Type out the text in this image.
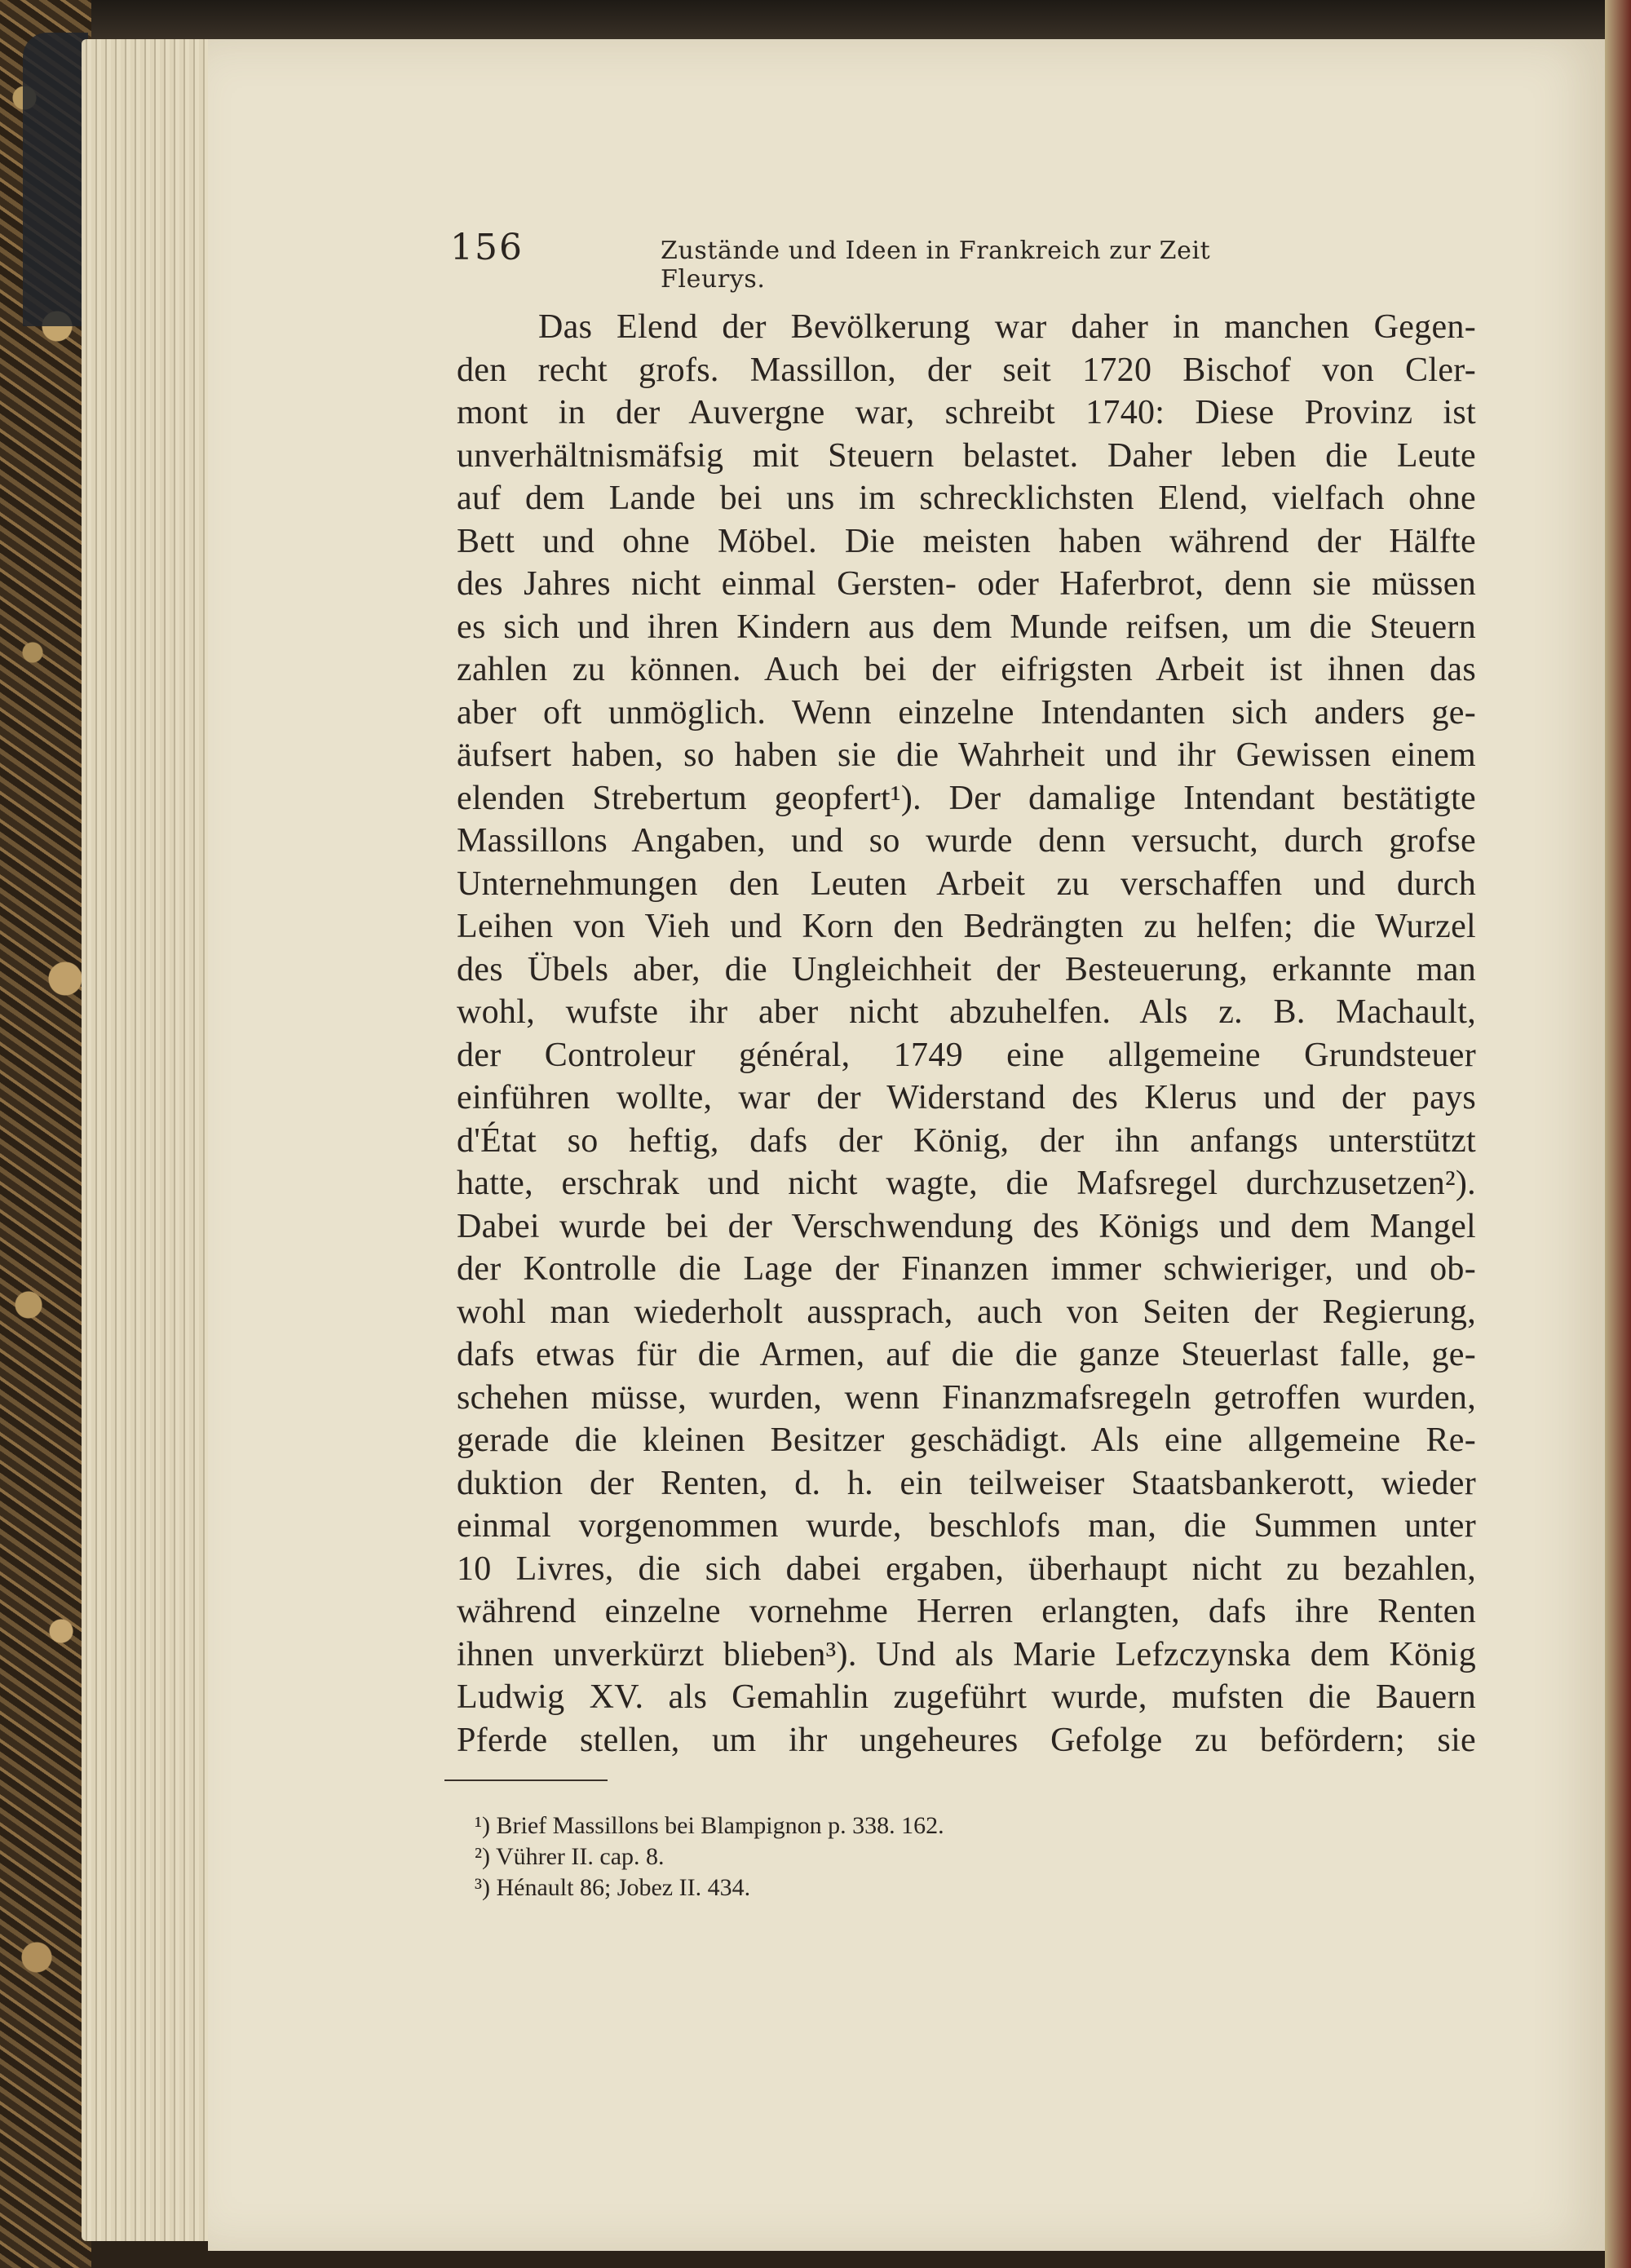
156	Zustände und Ideen in Frankreich zur Zeit Fleurys.
Das Elend der Bevölkerung war daher in manchen Gegen-
den recht grofs. Massillon, der seit 1720 Bischof von Cler-
mont in der Auvergne war, schreibt 1740: Diese Provinz ist
unverhältnismäfsig mit Steuern belastet. Daher leben die Leute
auf dem Lande bei uns im schrecklichsten Elend, vielfach ohne
Bett und ohne Möbel. Die meisten haben während der Hälfte
des Jahres nicht einmal Gersten- oder Haferbrot, denn sie müssen
es sich und ihren Kindern aus dem Munde reifsen, um die Steuern
zahlen zu können. Auch bei der eifrigsten Arbeit ist ihnen das
aber oft unmöglich. Wenn einzelne Intendanten sich anders ge-
äufsert haben, so haben sie die Wahrheit und ihr Gewissen einem
elenden Strebertum geopfert¹). Der damalige Intendant bestätigte
Massillons Angaben, und so wurde denn versucht, durch grofse
Unternehmungen den Leuten Arbeit zu verschaffen und durch
Leihen von Vieh und Korn den Bedrängten zu helfen; die Wurzel
des Übels aber, die Ungleichheit der Besteuerung, erkannte man
wohl, wufste ihr aber nicht abzuhelfen. Als z. B. Machault,
der Controleur général, 1749 eine allgemeine Grundsteuer
einführen wollte, war der Widerstand des Klerus und der pays
d'État so heftig, dafs der König, der ihn anfangs unterstützt
hatte, erschrak und nicht wagte, die Mafsregel durchzusetzen²).
Dabei wurde bei der Verschwendung des Königs und dem Mangel
der Kontrolle die Lage der Finanzen immer schwieriger, und ob-
wohl man wiederholt aussprach, auch von Seiten der Regierung,
dafs etwas für die Armen, auf die die ganze Steuerlast falle, ge-
schehen müsse, wurden, wenn Finanzmafsregeln getroffen wurden,
gerade die kleinen Besitzer geschädigt. Als eine allgemeine Re-
duktion der Renten, d. h. ein teilweiser Staatsbankerott, wieder
einmal vorgenommen wurde, beschlofs man, die Summen unter
10 Livres, die sich dabei ergaben, überhaupt nicht zu bezahlen,
während einzelne vornehme Herren erlangten, dafs ihre Renten
ihnen unverkürzt blieben³). Und als Marie Lefzczynska dem König
Ludwig XV. als Gemahlin zugeführt wurde, mufsten die Bauern
Pferde stellen, um ihr ungeheures Gefolge zu befördern; sie
¹) Brief Massillons bei Blampignon p. 338. 162.
²) Vührer II. cap. 8.
³) Hénault 86; Jobez II. 434.
